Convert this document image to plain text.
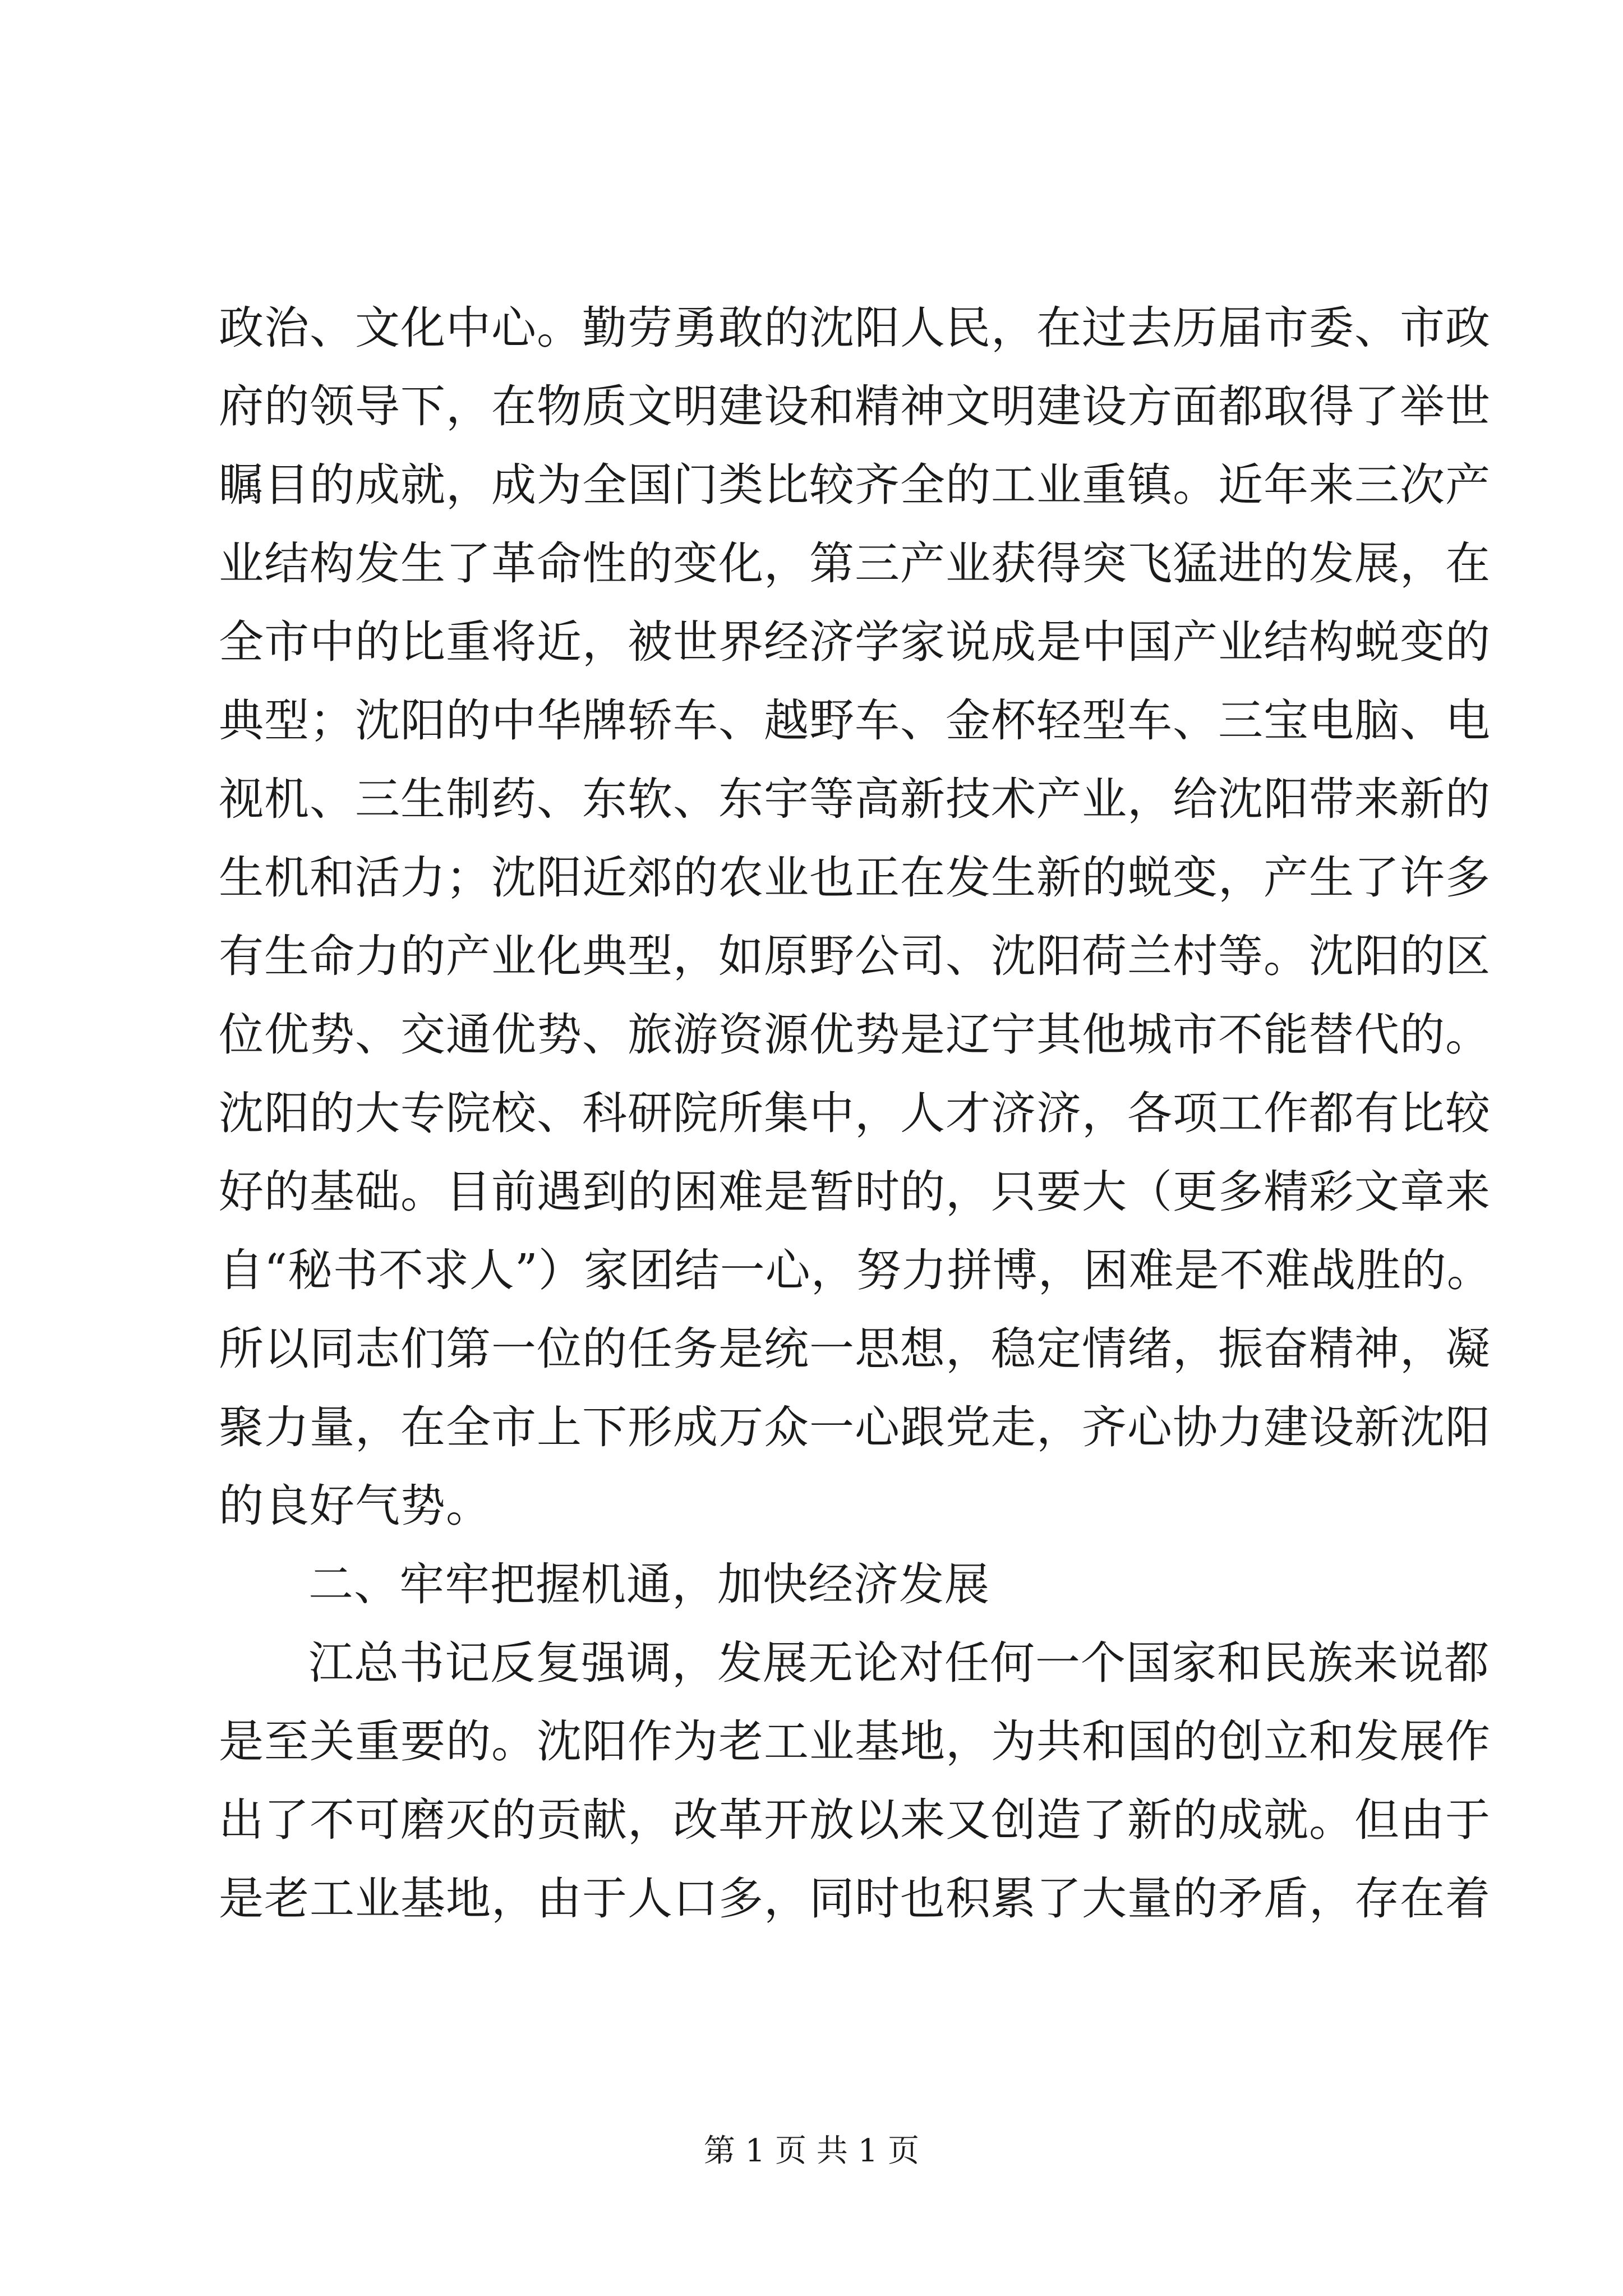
政治、文化中心。勤劳勇敢的沈阳人民，在过去历届市委、市政
府的领导下，在物质文明建设和精神文明建设方面都取得了举世
瞩目的成就，成为全国门类比较齐全的工业重镇。近年来三次产
业结构发生了革命性的变化，第三产业获得突飞猛进的发展，在
全市中的比重将近，被世界经济学家说成是中国产业结构蜕变的
典型；沈阳的中华牌轿车、越野车、金杯轻型车、三宝电脑、电
视机、三生制药、东软、东宇等高新技术产业，给沈阳带来新的
生机和活力；沈阳近郊的农业也正在发生新的蜕变，产生了许多
有生命力的产业化典型，如原野公司、沈阳荷兰村等。沈阳的区
位优势、交通优势、旅游资源优势是辽宁其他城市不能替代的。
沈阳的大专院校、科研院所集中，人才济济，各项工作都有比较
好的基础。目前遇到的困难是暂时的，只要大（更多精彩文章来
自“秘书不求人”）家团结一心，努力拼博，困难是不难战胜的。
所以同志们第一位的任务是统一思想，稳定情绪，振奋精神，凝
聚力量，在全市上下形成万众一心跟党走，齐心协力建设新沈阳
的良好气势。
二、牢牢把握机通，加快经济发展
江总书记反复强调，发展无论对任何一个国家和民族来说都
是至关重要的。沈阳作为老工业基地，为共和国的创立和发展作
出了不可磨灭的贡献，改革开放以来又创造了新的成就。但由于
是老工业基地，由于人口多，同时也积累了大量的矛盾，存在着
第 1 页 共 1 页
